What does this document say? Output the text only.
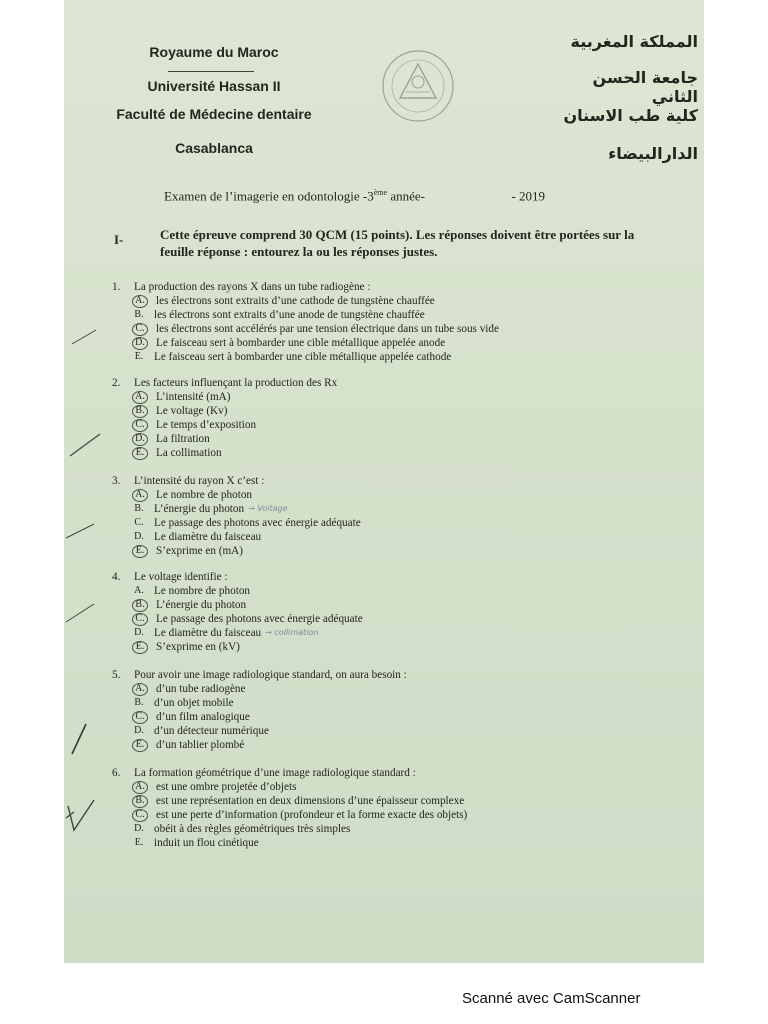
Royaume du Maroc
Université Hassan II
Faculté de Médecine dentaire
Casablanca
المملكة المغربية
جامعة الحسن الثاني
كلية طب الاسنان
الدارالبيضاء
Examen de l’imagerie en odontologie -3ème année-	- 2019
I-	Cette épreuve comprend 30 QCM (15 points). Les réponses doivent être portées sur la feuille réponse : entourez la ou les réponses justes.
1.	La production des rayons X dans un tube radiogène :
A. les électrons sont extraits d’une cathode de tungstène chauffée
B. les électrons sont extraits d’une anode de tungstène chauffée
C.	les électrons sont accélérés par une tension électrique dans un tube sous vide
D. Le faisceau sert à bombarder une cible métallique appelée anode
E. Le faisceau sert à bombarder une cible métallique appelée cathode
2.	Les facteurs influençant la production des Rx
A. L’intensité (mA)
B.	Le voltage (Kv)
C.	Le temps d’exposition
D. La filtration
E.	La collimation
3.	L’intensité du rayon X c’est :
A. Le nombre de photon
B. L’énergie du photon → Voltage
C. Le passage des photons avec énergie adéquate
D. Le diamètre du faisceau
E.	S’exprime en (mA)
4.	Le voltage identifie :
A. Le nombre de photon
B.	L’énergie du photon
C.	Le passage des photons avec énergie adéquate
D. Le diamètre du faisceau → collimation
E.	S’exprime en (kV)
5.	Pour avoir une image radiologique standard, on aura besoin :
A. d’un tube radiogène
B. d’un objet mobile
C.	d’un film analogique
D. d’un détecteur numérique
E.	d’un tablier plombé
6.	La formation géométrique d’une image radiologique standard :
A. est une ombre projetée d’objets
B.	est une représentation en deux dimensions d’une épaisseur complexe
C.	est une perte d’information (profondeur et la forme exacte des objets)
D. obéit à des règles géométriques très simples
E. induit un flou cinétique
Scanné avec CamScanner
